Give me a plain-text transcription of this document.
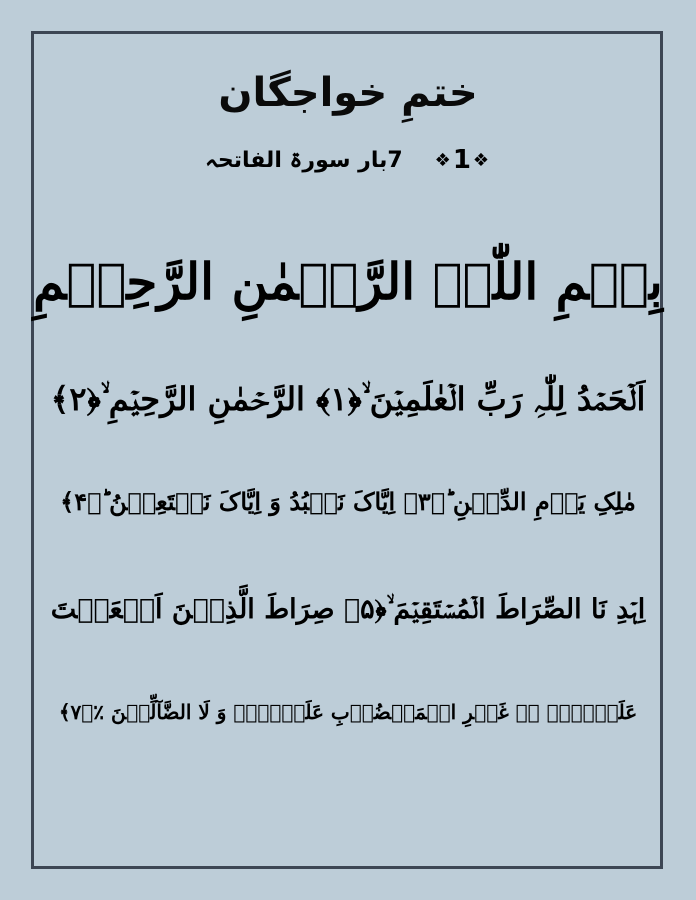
ختمِ خواجگان
❖
1
❖
7بار سورۃ الفاتحہ
بِسۡمِ اللّٰہِ الرَّحۡمٰنِ الرَّحِیۡمِ
اَلۡحَمۡدُ لِلّٰہِ رَبِّ الۡعٰلَمِیۡنَ ۙ﴿۱﴾ الرَّحۡمٰنِ الرَّحِیۡمِ ۙ﴿۲﴾
مٰلِکِ یَوۡمِ الدِّیۡنِ ؕ﴿۳﴾ اِیَّاکَ نَعۡبُدُ وَ اِیَّاکَ نَسۡتَعِیۡنُ ؕ﴿۴﴾
اِہۡدِ نَا الصِّرَاطَ الۡمُسۡتَقِیۡمَ ۙ﴿۵﴾ صِرَاطَ الَّذِیۡنَ اَنۡعَمۡتَ
عَلَیۡہِمۡ ۬ۙ غَیۡرِ الۡمَغۡضُوۡبِ عَلَیۡہِمۡ وَ لَا الضَّآلِّیۡنَ ٪﴿۷﴾
